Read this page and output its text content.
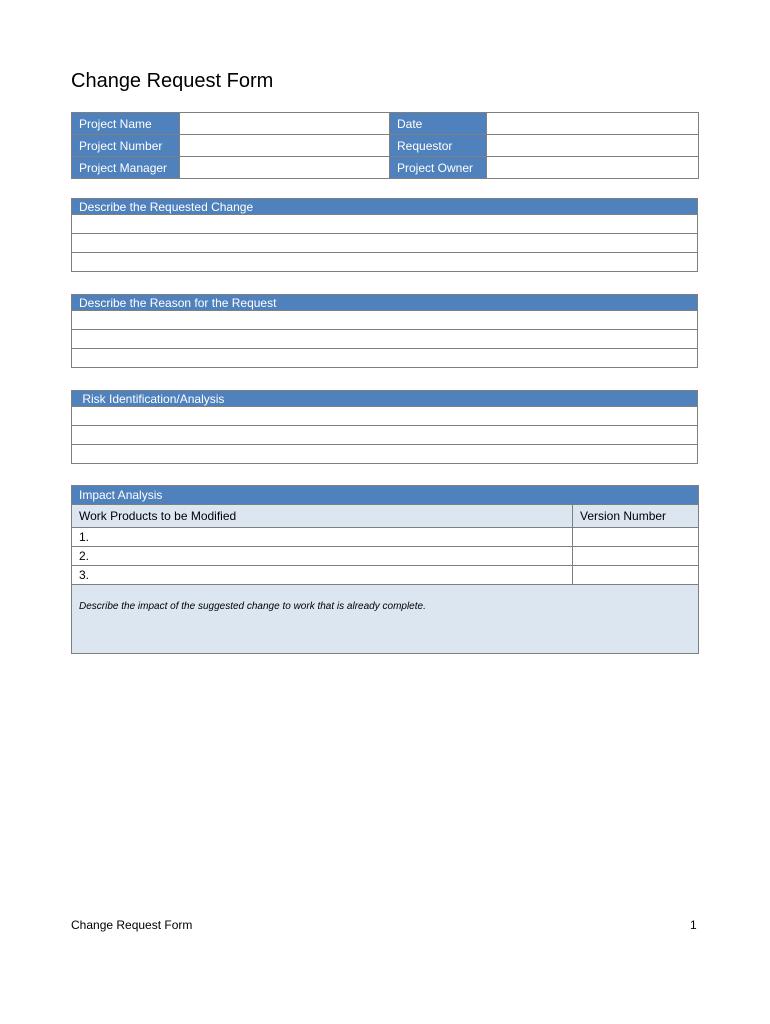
Change Request Form
Project Name		Date	
Project Number		Requestor	
Project Manager		Project Owner	
Describe the Requested Change

Describe the Reason for the Request

Risk Identification/Analysis

Impact Analysis	
Work Products to be Modified	Version Number
1.	
2.	
3.	
Describe the impact of the suggested change to work that is already complete.	
Change Request Form	1
